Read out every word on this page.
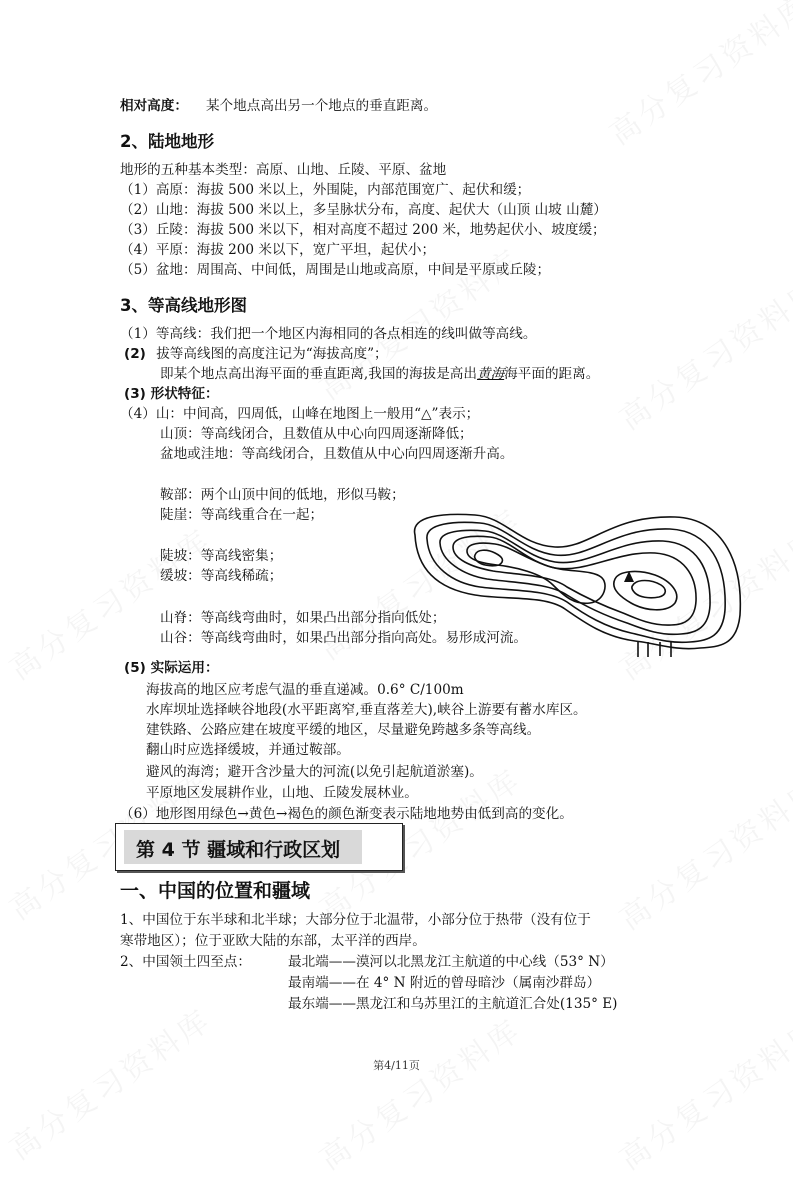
相对高度： 某个地点高出另一个地点的垂直距离。
2、陆地地形
地形的五种基本类型：高原、山地、丘陵、平原、盆地
（1）高原：海拔 500 米以上，外围陡，内部范围宽广、起伏和缓；
（2）山地：海拔 500 米以上，多呈脉状分布，高度、起伏大（山顶 山坡 山麓）
（3）丘陵：海拔 500 米以下，相对高度不超过 200 米，地势起伏小、坡度缓；
（4）平原：海拔 200 米以下，宽广平坦，起伏小；
（5）盆地：周围高、中间低，周围是山地或高原，中间是平原或丘陵；
3、等高线地形图
（1）等高线：我们把一个地区内海相同的各点相连的线叫做等高线。
(2) 拔等高线图的高度注记为“海拔高度”；
即某个地点高出海平面的垂直距离,我国的海拔是高出黄海海平面的距离。
(3) 形状特征：
（4）山：中间高，四周低，山峰在地图上一般用“△”表示；
山顶：等高线闭合，且数值从中心向四周逐渐降低；
盆地或洼地：等高线闭合，且数值从中心向四周逐渐升高。
鞍部：两个山顶中间的低地，形似马鞍；
陡崖：等高线重合在一起；
陡坡：等高线密集；
缓坡：等高线稀疏；
山脊：等高线弯曲时，如果凸出部分指向低处；
山谷：等高线弯曲时，如果凸出部分指向高处。易形成河流。
(5) 实际运用：
海拔高的地区应考虑气温的垂直递减。0.6° C/100m
水库坝址选择峡谷地段(水平距离窄,垂直落差大),峡谷上游要有蓄水库区。
建铁路、公路应建在坡度平缓的地区，尽量避免跨越多条等高线。
翻山时应选择缓坡，并通过鞍部。
避风的海湾；避开含沙量大的河流(以免引起航道淤塞)。
平原地区发展耕作业，山地、丘陵发展林业。
（6）地形图用绿色→黄色→褐色的颜色渐变表示陆地地势由低到高的变化。
第 4 节 疆域和行政区划
一、中国的位置和疆域
1、中国位于东半球和北半球；大部分位于北温带，小部分位于热带（没有位于
寒带地区）；位于亚欧大陆的东部，太平洋的西岸。
2、中国领土四至点：	最北端——漠河以北黑龙江主航道的中心线（53° N）
最南端——在 4° N 附近的曾母暗沙（属南沙群岛）
最东端——黑龙江和乌苏里江的主航道汇合处(135° E)
第4/11页
